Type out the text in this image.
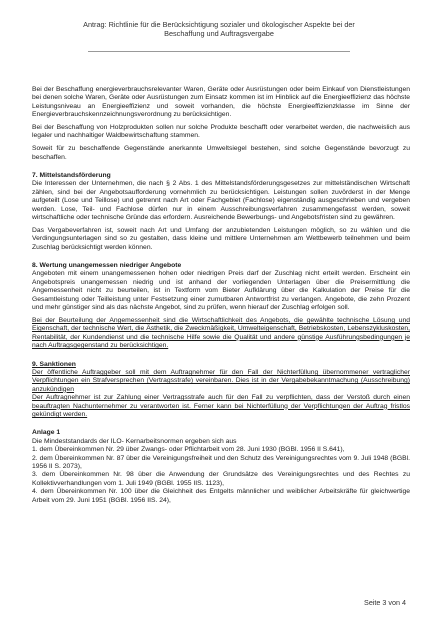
Antrag: Richtlinie für die Berücksichtigung sozialer und ökologischer Aspekte bei der
Beschaffung und Auftragsvergabe

Bei der Beschaffung energieverbrauchsrelevanter Waren, Geräte oder Ausrüstungen oder beim Einkauf von Dienstleistungen bei denen solche Waren, Geräte oder Ausrüstungen zum Einsatz kommen ist im Hinblick auf die Energieeffizienz das höchste Leistungsniveau an Energieeffizienz und soweit vorhanden, die höchste Energieeffizienzklasse im Sinne der Energieverbrauchskennzeichnungsverordnung zu berücksichtigen.

Bei der Beschaffung von Holzprodukten sollen nur solche Produkte beschafft oder verarbeitet werden, die nachweislich aus legaler und nachhaltiger Waldbewirtschaftung stammen.

Soweit für zu beschaffende Gegenstände anerkannte Umweltsiegel bestehen, sind solche Gegenstände bevorzugt zu beschaffen.

7. Mittelstandsförderung

Die Interessen der Unternehmen, die nach § 2 Abs. 1 des Mittelstandsförderungsgesetzes zur mittelständischen Wirtschaft zählen, sind bei der Angebotsaufforderung vornehmlich zu berücksichtigen. Leistungen sollen zuvörderst in der Menge aufgeteilt (Lose und Teillose) und getrennt nach Art oder Fachgebiet (Fachlose) eigenständig ausgeschrieben und vergeben werden. Lose, Teil- und Fachlose dürfen nur in einem Ausschreibungsverfahren zusammengefasst werden, soweit wirtschaftliche oder technische Gründe das erfordern. Ausreichende Bewerbungs- und Angebotsfristen sind zu gewähren.

Das Vergabeverfahren ist, soweit nach Art und Umfang der anzubietenden Leistungen möglich, so zu wählen und die Verdingungsunterlagen sind so zu gestalten, dass kleine und mittlere Unternehmen am Wettbewerb teilnehmen und beim Zuschlag berücksichtigt werden können.

8. Wertung unangemessen niedriger Angebote

Angeboten mit einem unangemessenen hohen oder niedrigen Preis darf der Zuschlag nicht erteilt werden. Erscheint ein Angebotspreis unangemessen niedrig und ist anhand der vorliegenden Unterlagen über die Preisermittlung die Angemessenheit nicht zu beurteilen, ist in Textform vom Bieter Aufklärung über die Kalkulation der Preise für die Gesamtleistung oder Teilleistung unter Festsetzung einer zumutbaren Antwortfrist zu verlangen. Angebote, die zehn Prozent und mehr günstiger sind als das nächste Angebot, sind zu prüfen, wenn hierauf der Zuschlag erfolgen soll.

Bei der Beurteilung der Angemessenheit sind die Wirtschaftlichkeit des Angebots, die gewählte technische Lösung und Eigenschaft, der technische Wert, die Ästhetik, die Zweckmäßigkeit, Umwelteigenschaft, Betriebskosten, Lebenszykluskosten, Rentabilität, der Kundendienst und die technische Hilfe sowie die Qualität und andere günstige Ausführungsbedingungen je nach Auftragsgegenstand zu berücksichtigen.

9. Sanktionen

Der öffentliche Auftraggeber soll mit dem Auftragnehmer für den Fall der Nichterfüllung übernommener vertraglicher Verpflichtungen ein Strafversprechen (Vertragsstrafe) vereinbaren. Dies ist in der Vergabebekanntmachung (Ausschreibung) anzukündigen

Der Auftragnehmer ist zur Zahlung einer Vertragsstrafe auch für den Fall zu verpflichten, dass der Verstoß durch einen beauftragten Nachunternehmer zu verantworten ist. Ferner kann bei Nichterfüllung der Verpflichtungen der Auftrag fristlos gekündigt werden.

Anlage 1
Die Mindeststandards der ILO- Kernarbeitsnormen ergeben sich aus
1. dem Übereinkommen Nr. 29 über Zwangs- oder Pflichtarbeit vom 28. Juni 1930 (BGBl. 1956 II S.641),
2. dem Übereinkommen Nr. 87 über die Vereinigungsfreiheit und den Schutz des Vereinigungsrechtes vom 9. Juli 1948 (BGBl. 1956 II S. 2073),
3. dem Übereinkommen Nr. 98 über die Anwendung der Grundsätze des Vereinigungsrechtes und des Rechtes zu Kollektivverhandlungen vom 1. Juli 1949 (BGBl. 1955 IIS. 1123),
4. dem Übereinkommen Nr. 100 über die Gleichheit des Entgelts männlicher und weiblicher Arbeitskräfte für gleichwertige Arbeit vom 29. Juni 1951 (BGBl. 1956 IIS. 24),
Seite 3 von 4
